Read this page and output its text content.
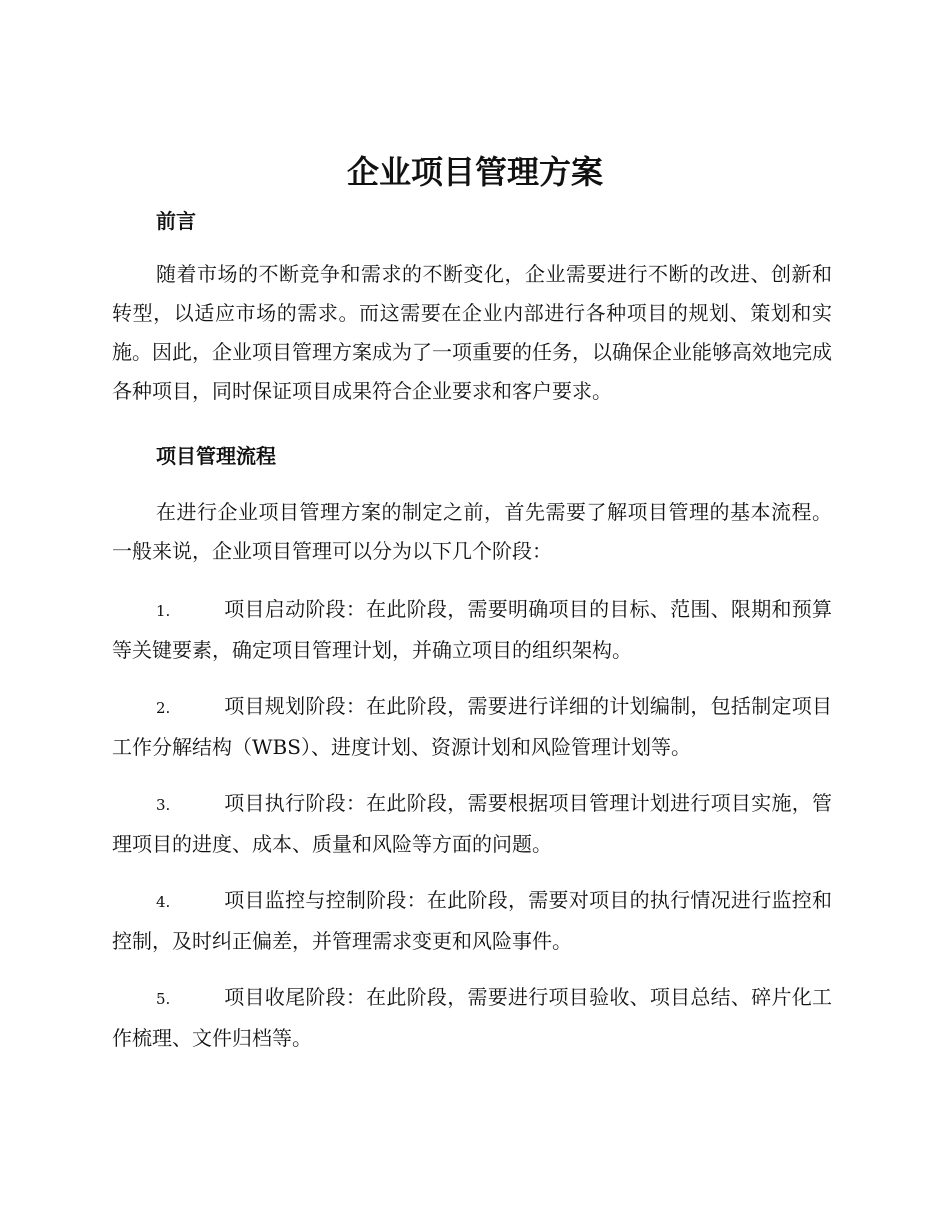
企业项目管理方案
前言

随着市场的不断竞争和需求的不断变化，企业需要进行不断的改进、创新和转型，以适应市场的需求。而这需要在企业内部进行各种项目的规划、策划和实施。因此，企业项目管理方案成为了一项重要的任务，以确保企业能够高效地完成各种项目，同时保证项目成果符合企业要求和客户要求。

项目管理流程

在进行企业项目管理方案的制定之前，首先需要了解项目管理的基本流程。一般来说，企业项目管理可以分为以下几个阶段：

1.	项目启动阶段：在此阶段，需要明确项目的目标、范围、限期和预算等关键要素，确定项目管理计划，并确立项目的组织架构。

2.	项目规划阶段：在此阶段，需要进行详细的计划编制，包括制定项目工作分解结构（WBS）、进度计划、资源计划和风险管理计划等。

3.	项目执行阶段：在此阶段，需要根据项目管理计划进行项目实施，管理项目的进度、成本、质量和风险等方面的问题。

4.	项目监控与控制阶段：在此阶段，需要对项目的执行情况进行监控和控制，及时纠正偏差，并管理需求变更和风险事件。

5.	项目收尾阶段：在此阶段，需要进行项目验收、项目总结、碎片化工作梳理、文件归档等。
